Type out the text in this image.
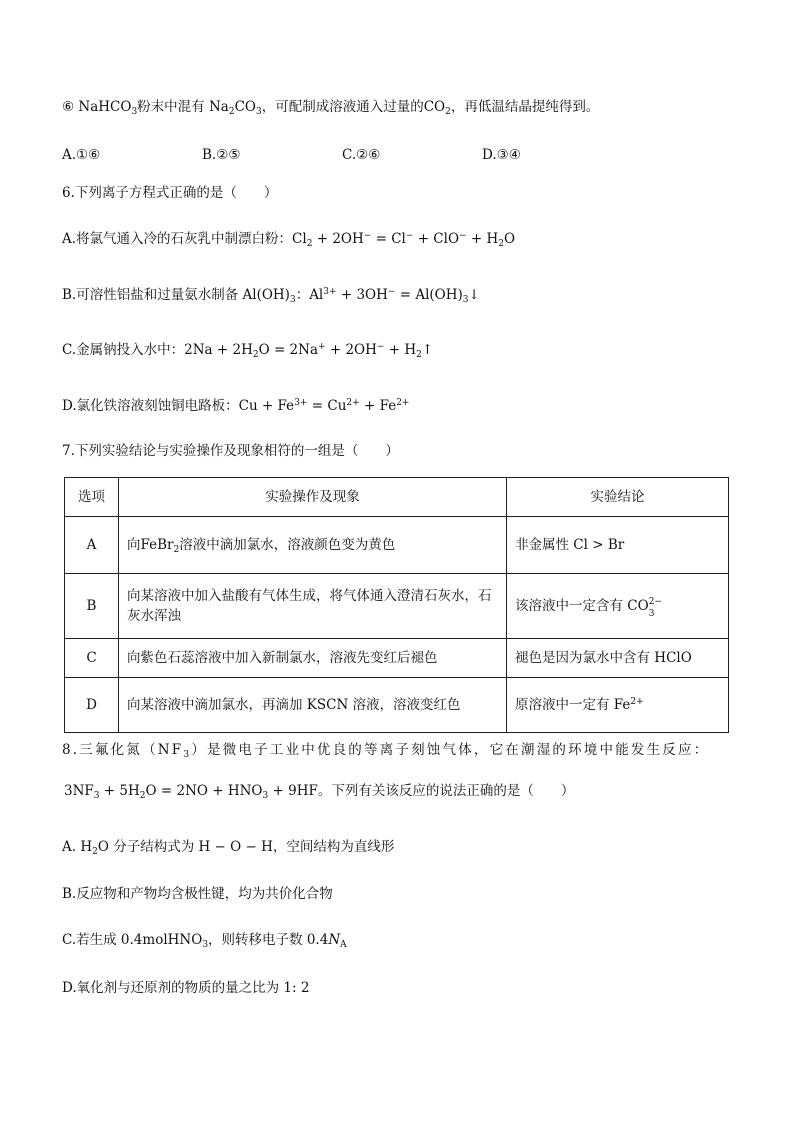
⑥ NaHCO$_3$粉末中混有 $Na_2CO_3$，可配制成溶液通入过量的$CO_2$，再低温结晶提纯得到。
A.①⑥	B.②⑤	C.②⑥	D.③④
6.下列离子方程式正确的是（　　）
A.将氯气通入冷的石灰乳中制漂白粉：$Cl_2 + 2OH^- = Cl^- + ClO^- + H_2O$
B.可溶性铝盐和过量氨水制备 $Al(OH)_3$：$Al^{3+} + 3OH^-$ = $Al(OH)_3↓$
C.金属钠投入水中：$2Na + 2H_2O = 2Na^+ + 2OH^-$ + $H_2↑$
D.氯化铁溶液刻蚀铜电路板：$Cu + Fe^{3+} = Cu^{2+} + Fe^{2+}$
7.下列实验结论与实验操作及现象相符的一组是（　　）
选项	实验操作及现象	实验结论
A	向FeBr$_2$溶液中滴加氯水，溶液颜色变为黄色	非金属性 Cl > Br
B	向某溶液中加入盐酸有气体生成，将气体通入澄清石灰水，石灰水浑浊	该溶液中一定含有 CO 2−
3

C	向紫色石蕊溶液中加入新制氯水，溶液先变红后褪色	褪色是因为氯水中含有 HClO
D	向某溶液中滴加氯水，再滴加 KSCN 溶液，溶液变红色	原溶液中一定有 $Fe^{2+}$
8.三氟化氮$(NF_3)$是微电子工业中优良的等离子刻蚀气体，它在潮湿的环境中能发生反应：
$3NF_3 + 5H_2O = 2NO + HNO_3 + 9HF$。下列有关该反应的说法正确的是（　　）
A. $H_2O$ 分子结构式为 H − O − H，空间结构为直线形
B.反应物和产物均含极性键，均为共价化合物
C.若生成 0.4molHNO$_3$，则转移电子数 $0.4N_A$
D.氧化剂与还原剂的物质的量之比为 1: 2
